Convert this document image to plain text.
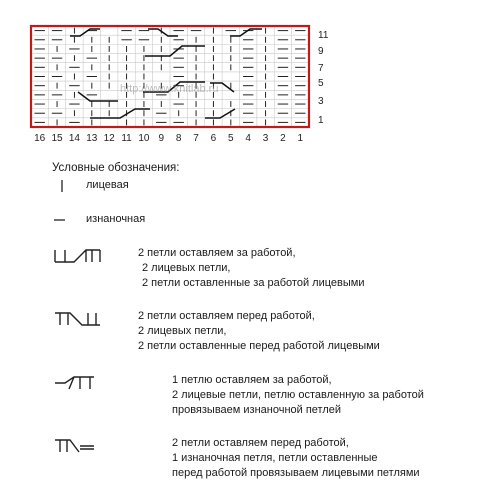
http://www.knitlab.ru
1
3
5
7
9
11
16 15 14 13 12 11 10 9 8 7 6 5 4 3 2 1
Условные обозначения:
лицевая
изнаночная
2 петли оставляем за работой,
2 лицевых петли,
2 петли оставленные за работой лицевыми
2 петли оставляем перед работой,
2 лицевых петли,
2 петли оставленные перед работой лицевыми
1 петлю оставляем за работой,
2 лицевые петли, петлю оставленную за работой
провязываем изнаночной петлей
2 петли оставляем перед работой,
1 изнаночная петля, петли оставленные
перед работой провязываем лицевыми петлями
